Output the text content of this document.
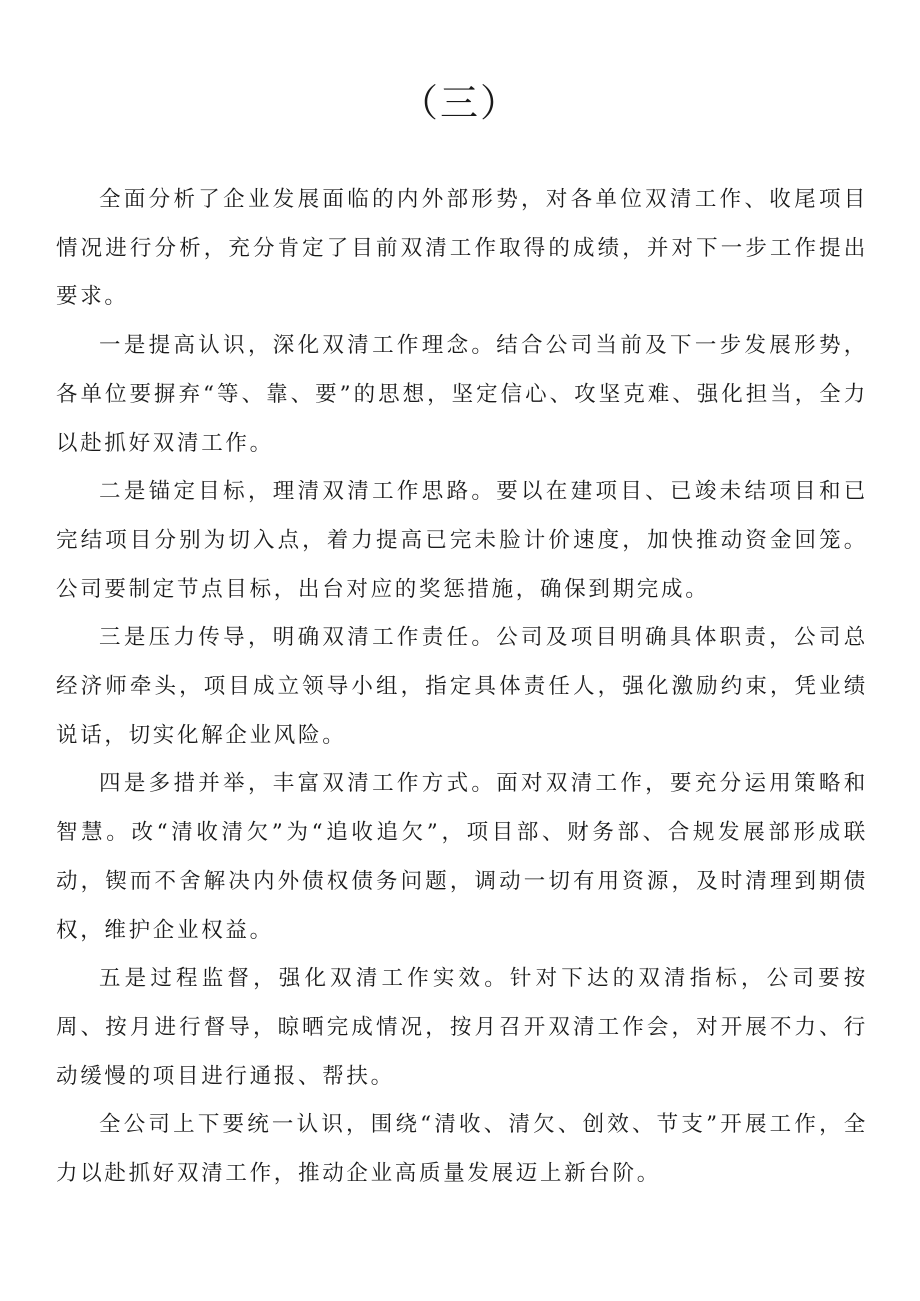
（三）

全面分析了企业发展面临的内外部形势，对各单位双清工作、收尾项目情况进行分析，充分肯定了目前双清工作取得的成绩，并对下一步工作提出要求。

一是提高认识，深化双清工作理念。结合公司当前及下一步发展形势，各单位要摒弃“等、靠、要”的思想，坚定信心、攻坚克难、强化担当，全力以赴抓好双清工作。

二是锚定目标，理清双清工作思路。要以在建项目、已竣未结项目和已完结项目分别为切入点，着力提高已完未脸计价速度，加快推动资金回笼。公司要制定节点目标，出台对应的奖惩措施，确保到期完成。

三是压力传导，明确双清工作责任。公司及项目明确具体职责，公司总经济师牵头，项目成立领导小组，指定具体责任人，强化激励约束，凭业绩说话，切实化解企业风险。

四是多措并举，丰富双清工作方式。面对双清工作，要充分运用策略和智慧。改“清收清欠”为“追收追欠”，项目部、财务部、合规发展部形成联动，锲而不舍解决内外债权债务问题，调动一切有用资源，及时清理到期债权，维护企业权益。

五是过程监督，强化双清工作实效。针对下达的双清指标，公司要按周、按月进行督导，晾晒完成情况，按月召开双清工作会，对开展不力、行动缓慢的项目进行通报、帮扶。

全公司上下要统一认识，围绕“清收、清欠、创效、节支”开展工作，全力以赴抓好双清工作，推动企业高质量发展迈上新台阶。
